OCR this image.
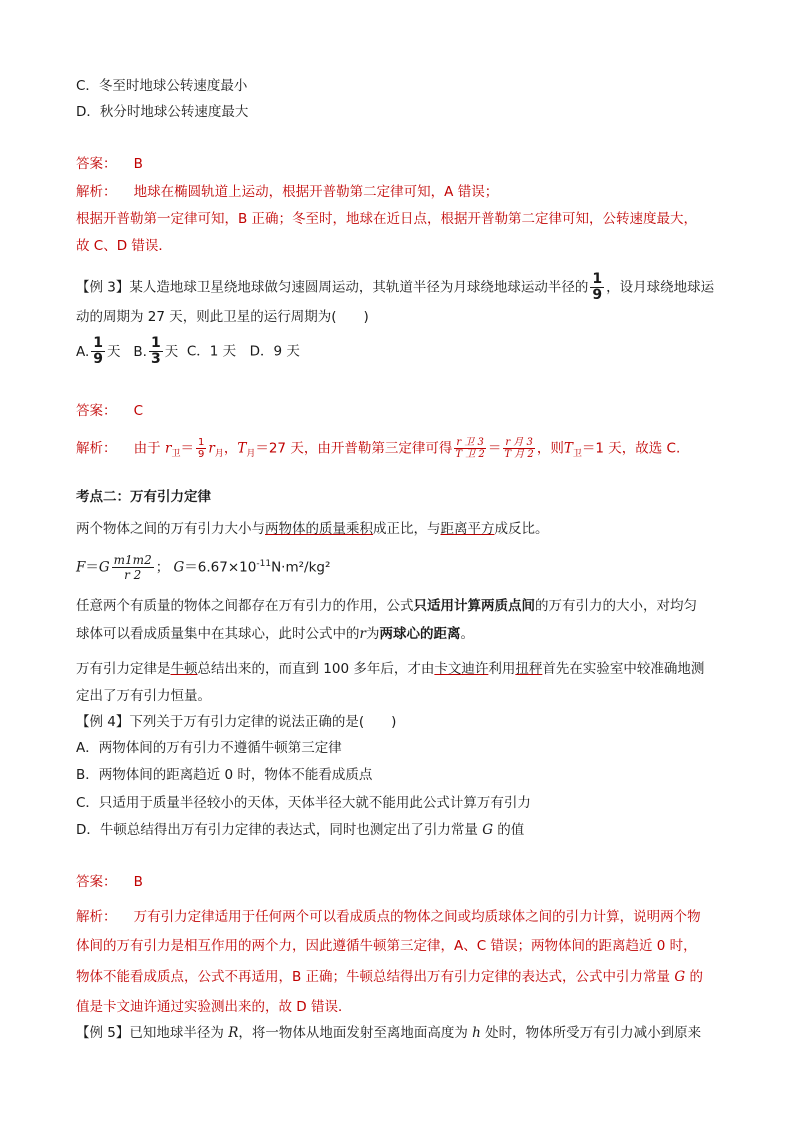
C．冬至时地球公转速度最小
D．秋分时地球公转速度最大
答案： B
解析： 地球在椭圆轨道上运动，根据开普勒第二定律可知，A 错误；
根据开普勒第一定律可知，B 正确；冬至时，地球在近日点，根据开普勒第二定律可知，公转速度最大，
故 C、D 错误．
【例 3】某人造地球卫星绕地球做匀速圆周运动，其轨道半径为月球绕地球运动半径的 $\frac{1}{9}$ ，设月球绕地球运
动的周期为 27 天，则此卫星的运行周期为(　　)
A. $\frac{1}{9}$ 天 B. $\frac{1}{3}$ 天 C．1 天　D．9 天
答案： C
解析： 由于 $r_卫= \frac{1}{9} r_月$，$T_月=27$ 天，由开普勒第三定律可得 $\frac{\text{r 卫 3}}{\text{T 卫 2}} = \frac{\text{r 月 3}}{\text{T 月 2}}$ ，则$T_卫=1$ 天，故选 C.
考点二：万有引力定律
两个物体之间的万有引力大小与两物体的质量乘积成正比，与距离平方成反比。
$F=G \frac{m1m2}{r 2}$ ； $G=6.67\times 10^{-11}N\cdot m^2$/kg²
任意两个有质量的物体之间都存在万有引力的作用，公式只适用计算两质点间的万有引力的大小，对均匀
球体可以看成质量集中在其球心，此时公式中的r为两球心的距离。
万有引力定律是牛顿总结出来的，而直到 100 多年后，才由卡文迪许利用扭秤首先在实验室中较准确地测
定出了万有引力恒量。
【例 4】下列关于万有引力定律的说法正确的是(　　)
A．两物体间的万有引力不遵循牛顿第三定律
B．两物体间的距离趋近 0 时，物体不能看成质点
C．只适用于质量半径较小的天体，天体半径大就不能用此公式计算万有引力
D．牛顿总结得出万有引力定律的表达式，同时也测定出了引力常量 G 的值
答案： B
解析： 万有引力定律适用于任何两个可以看成质点的物体之间或均质球体之间的引力计算，说明两个物
体间的万有引力是相互作用的两个力，因此遵循牛顿第三定律，A、C 错误；两物体间的距离趋近 0 时，
物体不能看成质点，公式不再适用，B 正确；牛顿总结得出万有引力定律的表达式，公式中引力常量 G 的
值是卡文迪许通过实验测出来的，故 D 错误．
【例 5】已知地球半径为 R，将一物体从地面发射至离地面高度为 h 处时，物体所受万有引力减小到原来
